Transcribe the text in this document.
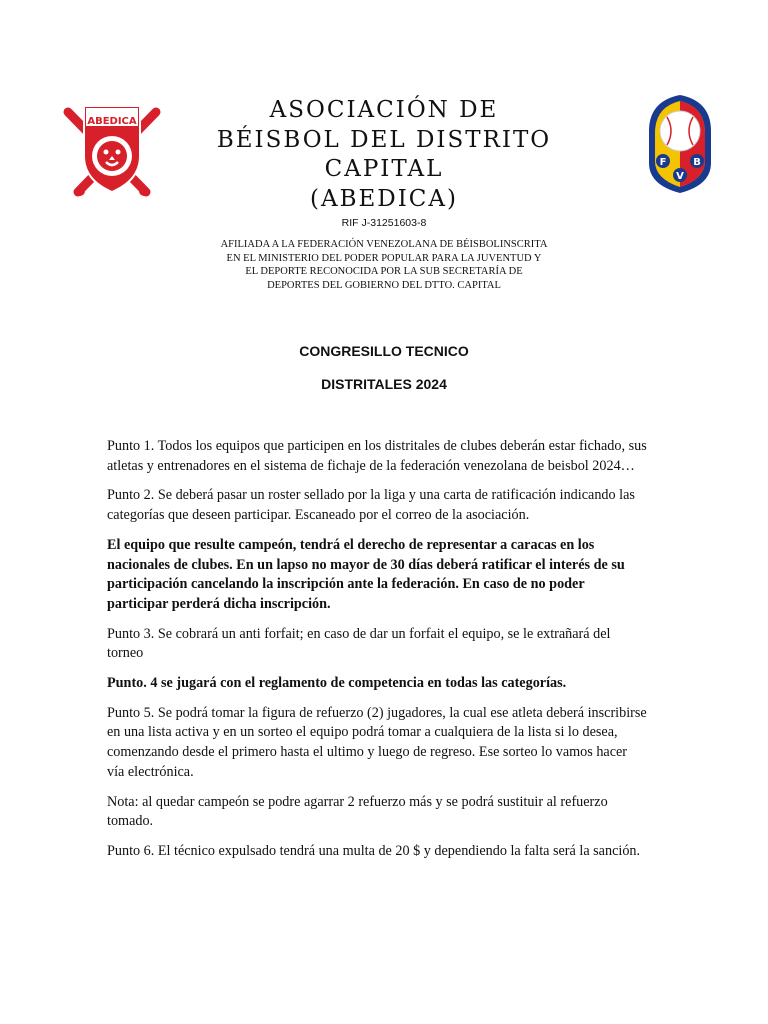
ABEDICA
F
V
B
ASOCIACIÓN DE
BÉISBOL DEL DISTRITO
CAPITAL
(ABEDICA)
RIF J-31251603-8
AFILIADA A LA FEDERACIÓN VENEZOLANA DE BÉISBOLINSCRITA
EN EL MINISTERIO DEL PODER POPULAR PARA LA JUVENTUD Y
EL DEPORTE RECONOCIDA POR LA SUB SECRETARÍA DE
DEPORTES DEL GOBIERNO DEL DTTO. CAPITAL
CONGRESILLO TECNICO
DISTRITALES 2024

Punto 1. Todos los equipos que participen en los distritales de clubes deberán estar fichado, sus atletas y entrenadores en el sistema de fichaje de la federación venezolana de beisbol 2024…

Punto 2. Se deberá pasar un roster sellado por la liga y una carta de ratificación indicando las categorías que deseen participar. Escaneado por el correo de la asociación.

El equipo que resulte campeón, tendrá el derecho de representar a caracas en los nacionales de clubes. En un lapso no mayor de 30 días deberá ratificar el interés de su participación cancelando la inscripción ante la federación. En caso de no poder participar perderá dicha inscripción.

Punto 3. Se cobrará un anti forfait; en caso de dar un forfait el equipo, se le extrañará del torneo

Punto. 4 se jugará con el reglamento de competencia en todas las categorías.

Punto 5. Se podrá tomar la figura de refuerzo (2) jugadores, la cual ese atleta deberá inscribirse en una lista activa y en un sorteo el equipo podrá tomar a cualquiera de la lista si lo desea, comenzando desde el primero hasta el ultimo y luego de regreso. Ese sorteo lo vamos hacer vía electrónica.

Nota: al quedar campeón se podre agarrar 2 refuerzo más y se podrá sustituir al refuerzo tomado.

Punto 6. El técnico expulsado tendrá una multa de 20 $ y dependiendo la falta será la sanción.
